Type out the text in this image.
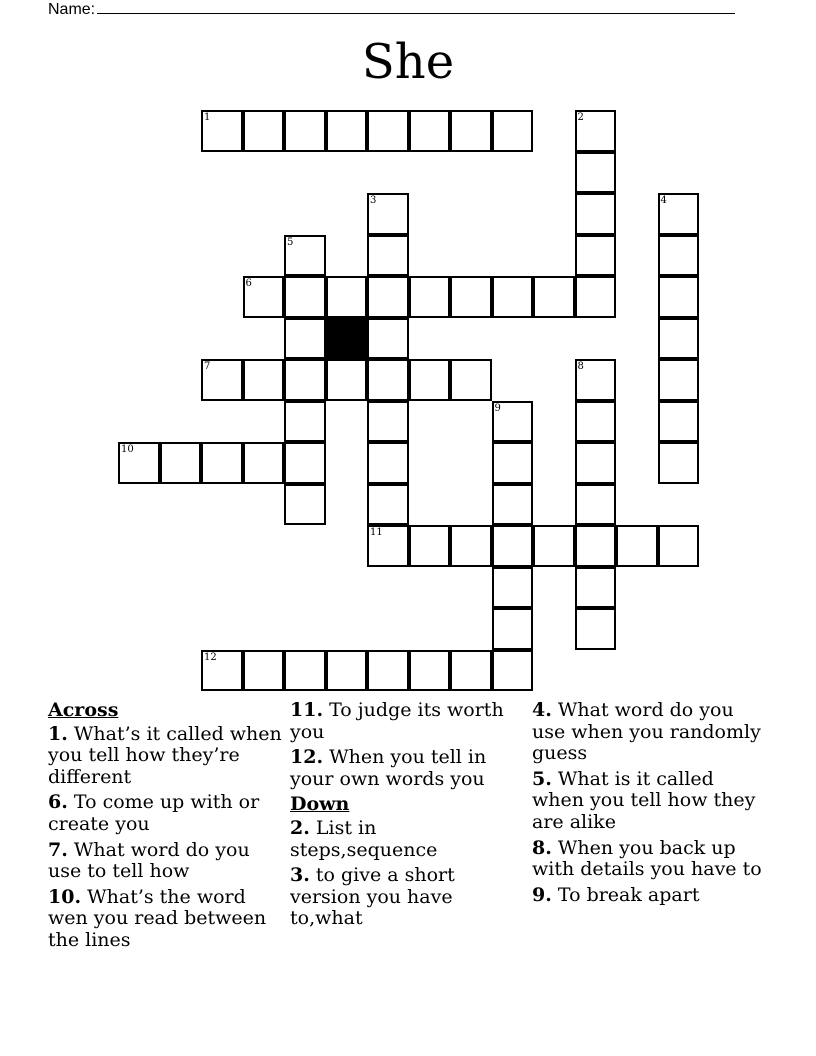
Name:
She
1
6
7
10
11
12
2
3	4
5
8
9
Across
1. What’s it called when you tell how they’re different
6. To come up with or create you
7. What word do you use to tell how
10. What’s the word wen you read between the lines
11. To judge its worth you
12. When you tell in your own words you
Down
2. List in steps,sequence
3. to give a short version you have to,what
4. What word do you use when you randomly guess
5. What is it called when you tell how they are alike
8. When you back up with details you have to
9. To break apart
